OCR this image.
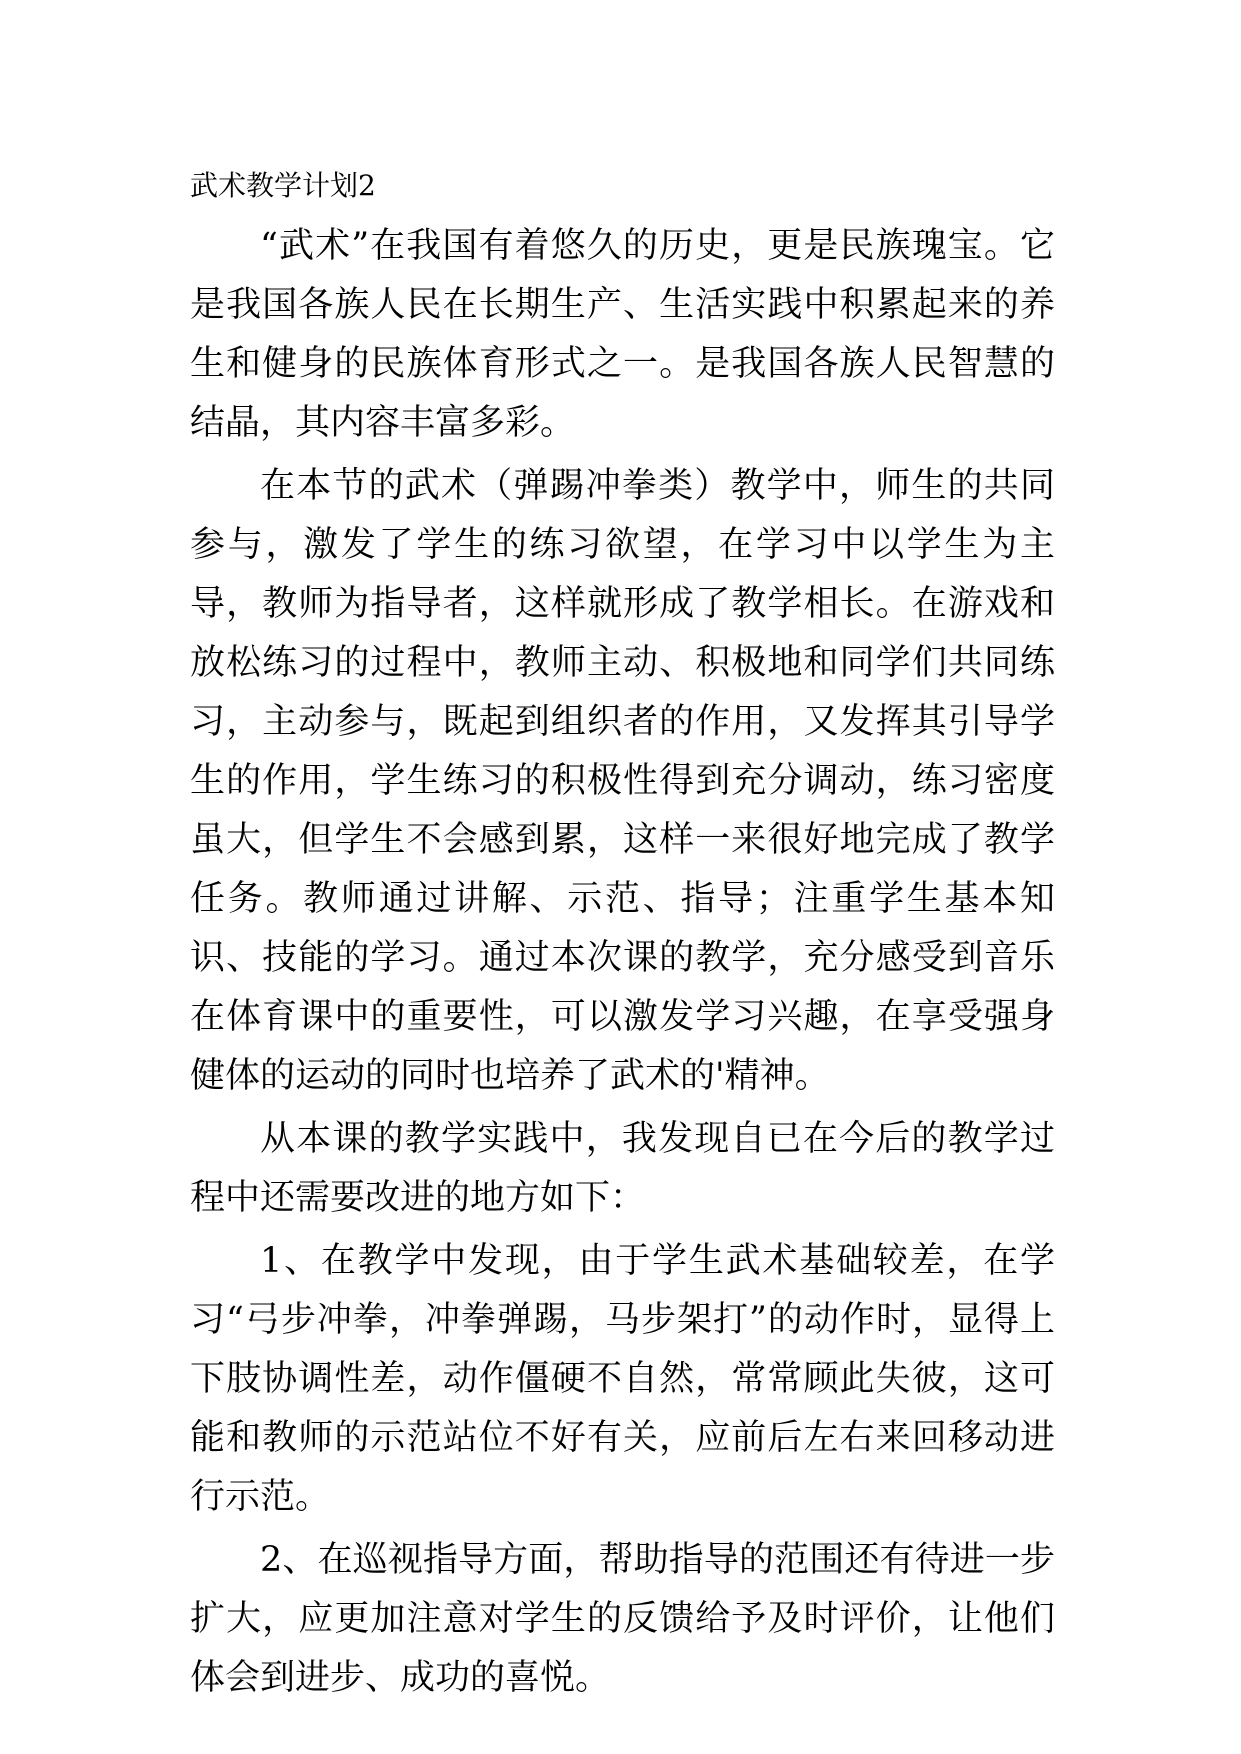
武术教学计划2

“武术”在我国有着悠久的历史，更是民族瑰宝。它是我国各族人民在长期生产、生活实践中积累起来的养生和健身的民族体育形式之一。是我国各族人民智慧的结晶，其内容丰富多彩。

在本节的武术（弹踢冲拳类）教学中，师生的共同参与，激发了学生的练习欲望，在学习中以学生为主导，教师为指导者，这样就形成了教学相长。在游戏和放松练习的过程中，教师主动、积极地和同学们共同练习，主动参与，既起到组织者的作用，又发挥其引导学生的作用，学生练习的积极性得到充分调动，练习密度虽大，但学生不会感到累，这样一来很好地完成了教学任务。教师通过讲解、示范、指导；注重学生基本知识、技能的学习。通过本次课的教学，充分感受到音乐在体育课中的重要性，可以激发学习兴趣，在享受强身健体的运动的同时也培养了武术的'精神。

从本课的教学实践中，我发现自已在今后的教学过程中还需要改进的地方如下：

1、在教学中发现，由于学生武术基础较差，在学习“弓步冲拳，冲拳弹踢，马步架打”的动作时，显得上下肢协调性差，动作僵硬不自然，常常顾此失彼，这可能和教师的示范站位不好有关，应前后左右来回移动进行示范。

2、在巡视指导方面，帮助指导的范围还有待进一步扩大，应更加注意对学生的反馈给予及时评价，让他们体会到进步、成功的喜悦。
